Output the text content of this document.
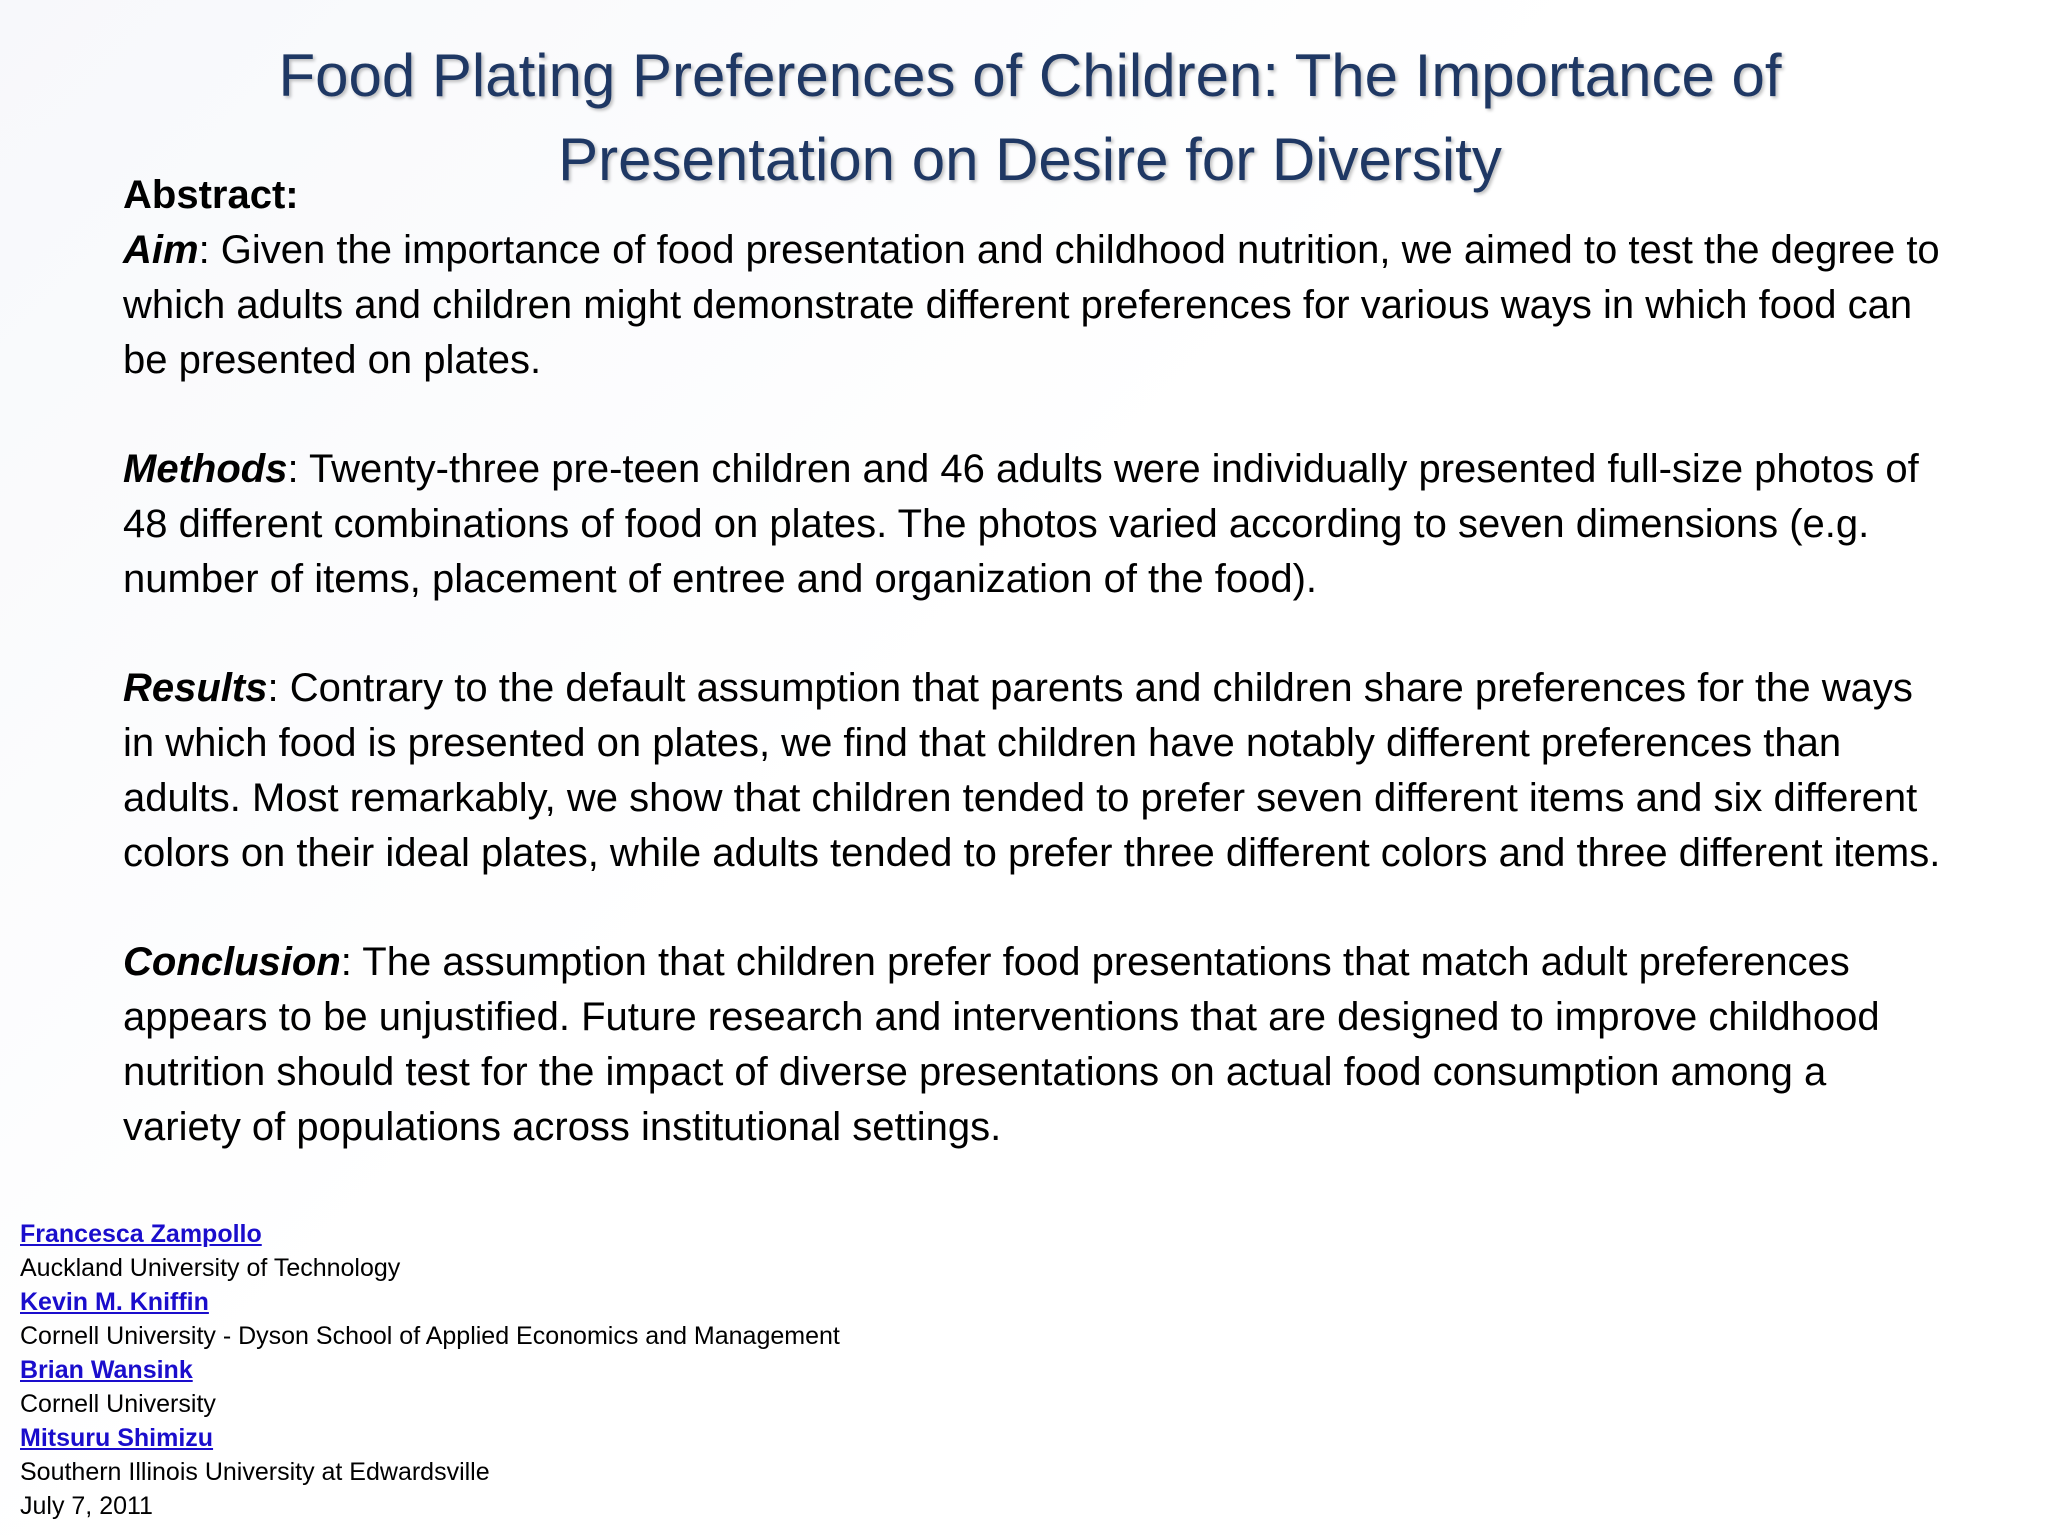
Food Plating Preferences of Children: The Importance of Presentation on Desire for Diversity

Abstract:

Aim: Given the importance of food presentation and childhood nutrition, we aimed to test the degree to which adults and children might demonstrate different preferences for various ways in which food can be presented on plates.

Methods: Twenty-three pre-teen children and 46 adults were individually presented full-size photos of 48 different combinations of food on plates. The photos varied according to seven dimensions (e.g. number of items, placement of entree and organization of the food).

Results: Contrary to the default assumption that parents and children share preferences for the ways in which food is presented on plates, we find that children have notably different preferences than adults. Most remarkably, we show that children tended to prefer seven different items and six different colors on their ideal plates, while adults tended to prefer three different colors and three different items.

Conclusion: The assumption that children prefer food presentations that match adult preferences appears to be unjustified. Future research and interventions that are designed to improve childhood nutrition should test for the impact of diverse presentations on actual food consumption among a variety of populations across institutional settings.

Francesca Zampollo
Auckland University of Technology
Kevin M. Kniffin
Cornell University - Dyson School of Applied Economics and Management
Brian Wansink
Cornell University
Mitsuru Shimizu
Southern Illinois University at Edwardsville
July 7, 2011
